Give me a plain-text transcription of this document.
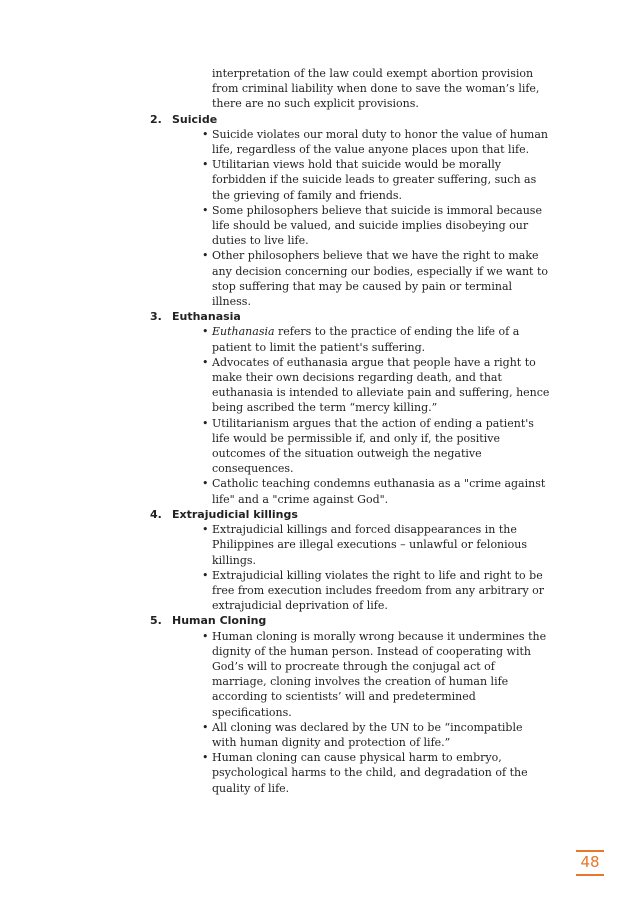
interpretation of the law could exempt abortion provision from criminal liability when done to save the woman’s life, there are no such explicit provisions.
2. Suicide
• Suicide violates our moral duty to honor the value of human life, regardless of the value anyone places upon that life.
• Utilitarian views hold that suicide would be morally forbidden if the suicide leads to greater suffering, such as the grieving of family and friends.
• Some philosophers believe that suicide is immoral because life should be valued, and suicide implies disobeying our duties to live life.
• Other philosophers believe that we have the right to make any decision concerning our bodies, especially if we want to stop suffering that may be caused by pain or terminal illness.
3. Euthanasia
• Euthanasia refers to the practice of ending the life of a patient to limit the patient's suffering.
• Advocates of euthanasia argue that people have a right to make their own decisions regarding death, and that euthanasia is intended to alleviate pain and suffering, hence being ascribed the term “mercy killing.”
• Utilitarianism argues that the action of ending a patient's life would be permissible if, and only if, the positive outcomes of the situation outweigh the negative consequences.
• Catholic teaching condemns euthanasia as a "crime against life" and a "crime against God".
4. Extrajudicial killings
• Extrajudicial killings and forced disappearances in the Philippines are illegal executions – unlawful or felonious killings.
• Extrajudicial killing violates the right to life and right to be free from execution includes freedom from any arbitrary or extrajudicial deprivation of life.
5. Human Cloning
• Human cloning is morally wrong because it undermines the dignity of the human person. Instead of cooperating with God’s will to procreate through the conjugal act of marriage, cloning involves the creation of human life according to scientists’ will and predetermined specifications.
• All cloning was declared by the UN to be “incompatible with human dignity and protection of life.”
• Human cloning can cause physical harm to embryo, psychological harms to the child, and degradation of the quality of life.
48
